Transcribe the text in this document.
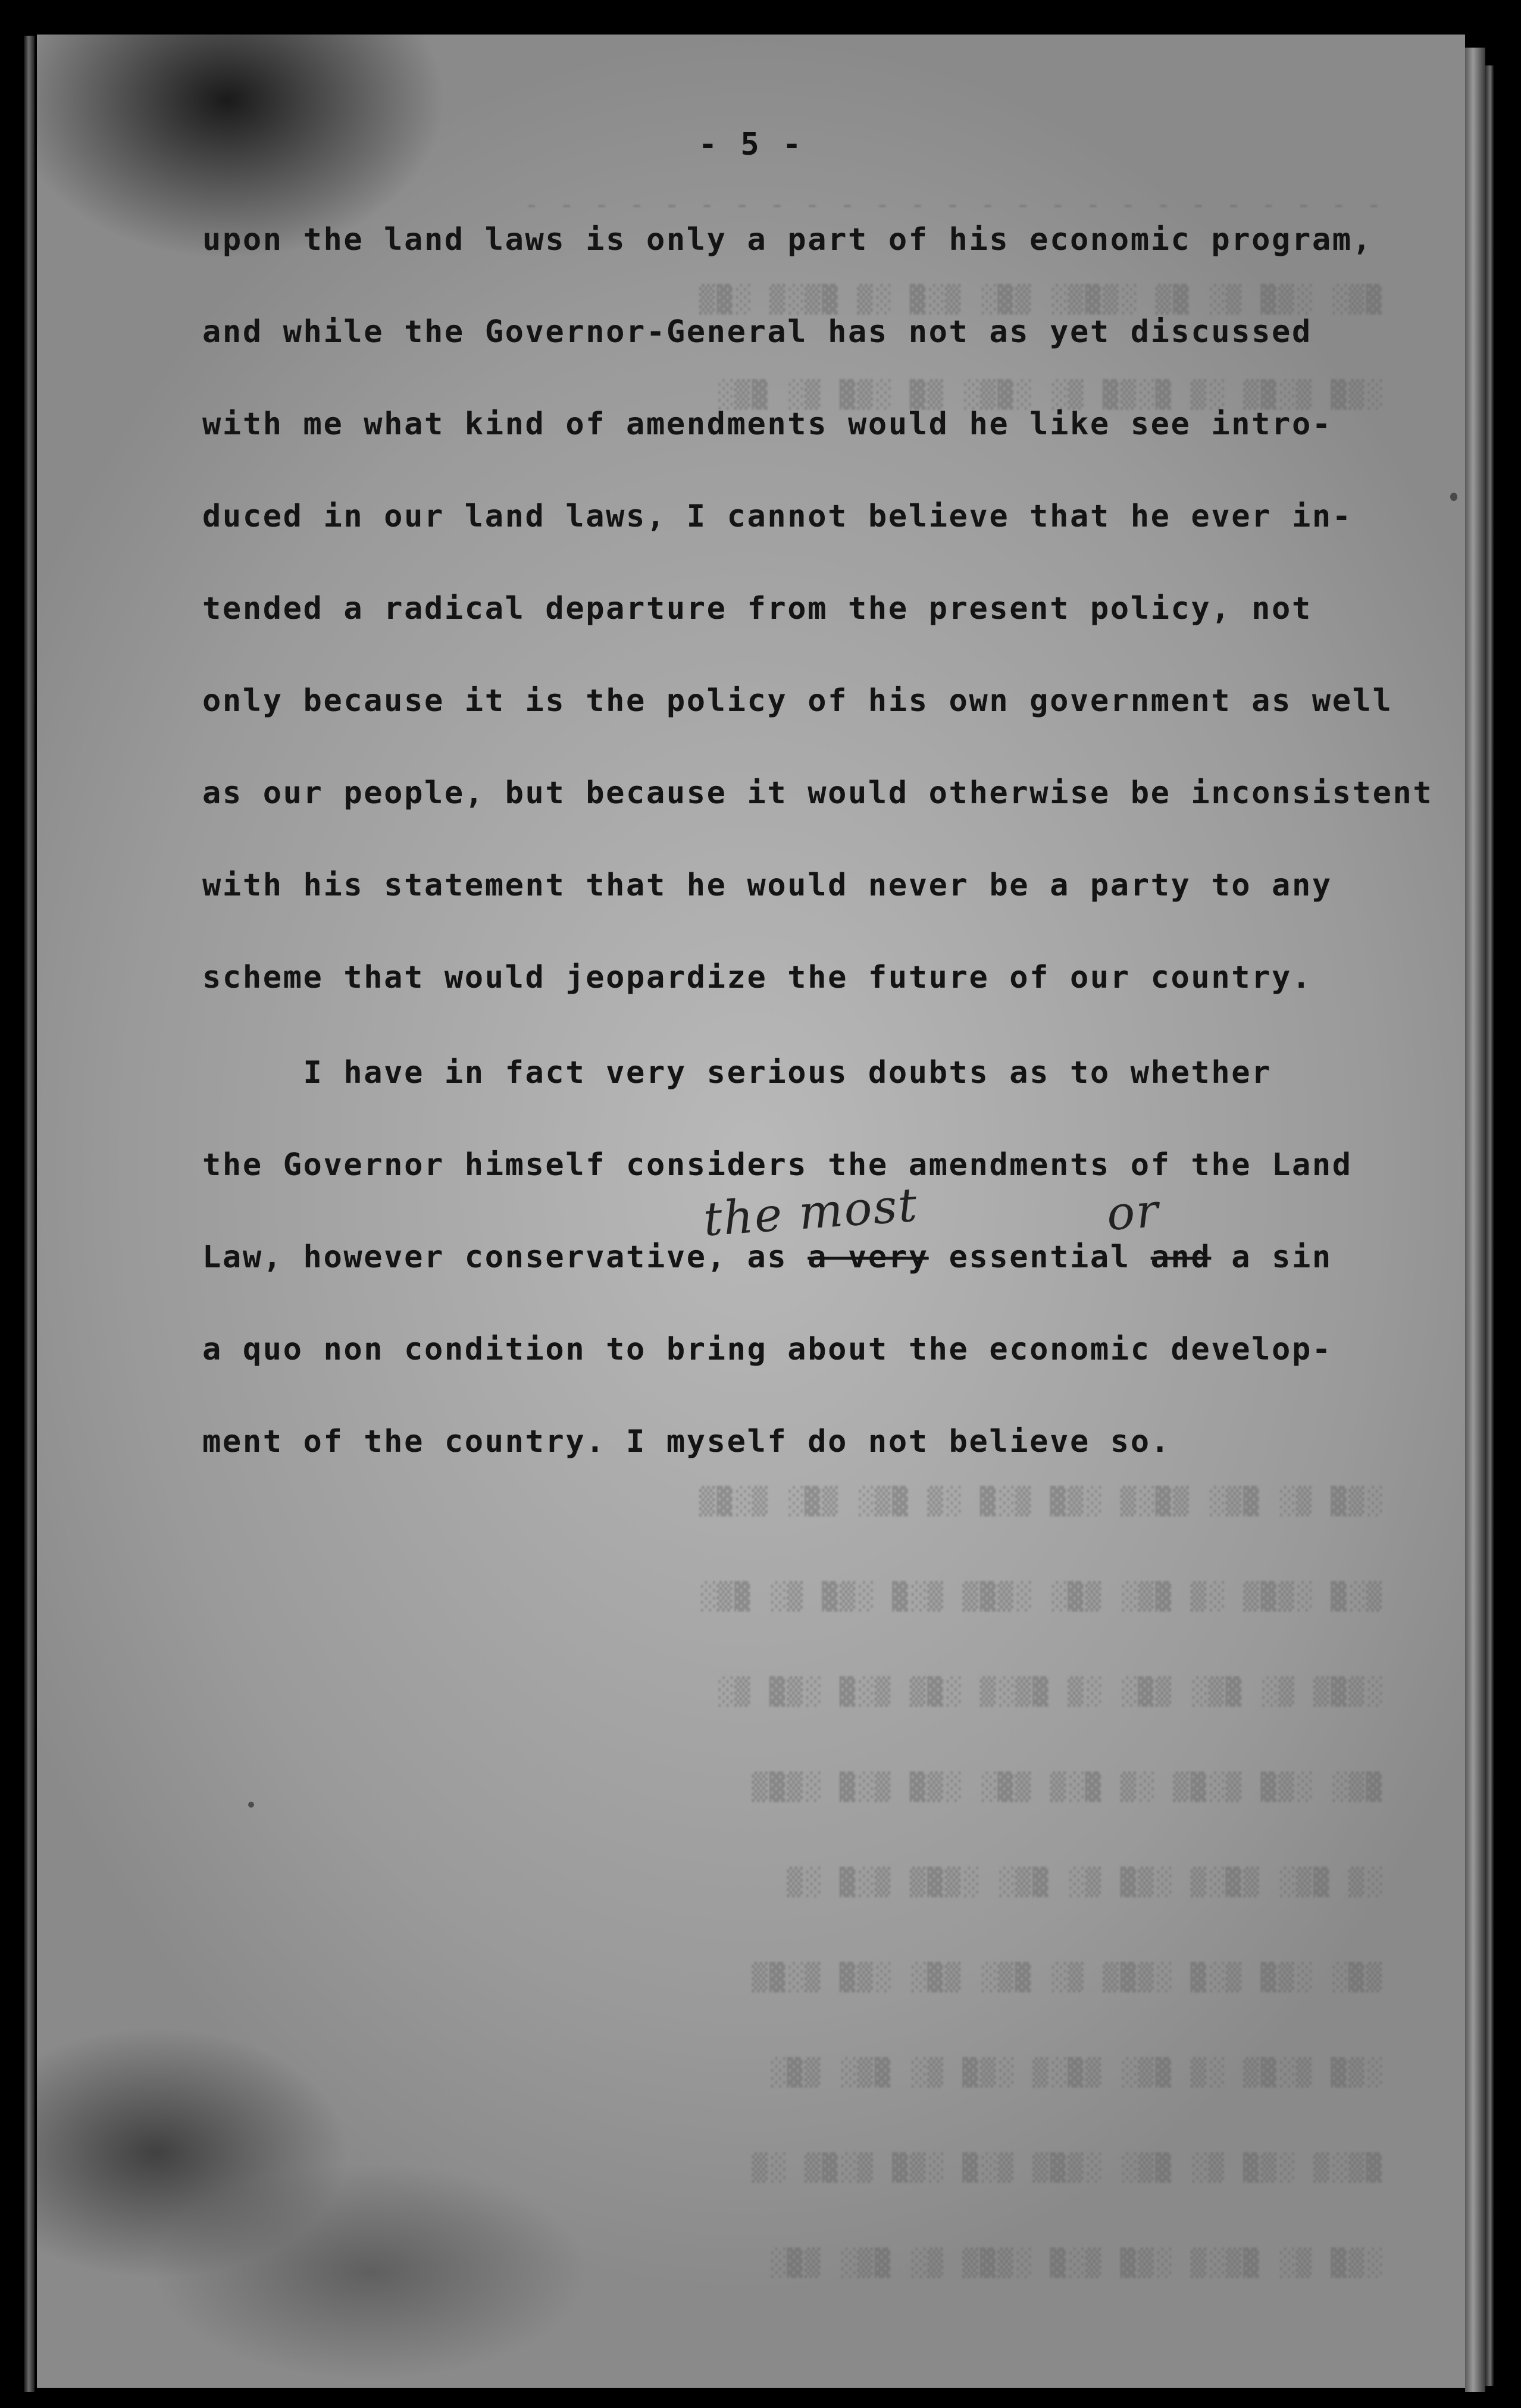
- - - - - - - - - - - - - - - - - - - - - - - - -
▓▒░ ░▒▓ ▒░ ▓▒ ░▒▓▒░ ▒▓░ ▒░▓ ░▒ ▓▒░▒ ░▓▒
░▒▓ ▒░▓▒ ░▒ ▓░▒▓ ▒░ ░▓▒░ ▒▓ ░▒▓ ▒░ ▓▒░
░▒▓ ▒░ ▓▒░ ▒▓░▒ ░▒▓ ▒░▓ ░▒ ▓▒░ ▒▓░ ▒░▓▒
▒░▓ ░▒▓▒ ░▒ ▓▒░ ▒▓░ ░▒▓▒ ▒░▓ ░▒▓ ▒░ ▓▒░
░▒▓▒ ▒░ ▓▒░ ▒▓░ ░▒ ▓▒░▒ ░▓▒ ▒░▓ ░▒▓ ▒░
▓▒░ ░▒▓ ▒░▓▒ ░▒ ▓░▒ ▒▓░ ░▒▓ ▒░▓ ░▒▓▒
░▒ ▓▒░ ▒▓░▒ ░▒▓ ▒░ ▓▒░ ░▒▓▒ ▒░▓ ░▒
▒▓░ ░▒▓ ▒░▓ ░▒▓▒ ▒░ ▓▒░ ▒▓░ ░▒▓ ▒░▓▒
░▒▓ ▒░▓▒ ░▒ ▓▒░ ▒▓░▒ ░▒▓ ▒░ ▓▒░ ▒▓░
▓▒░▒ ░▒▓ ▒░ ▓▒░ ░▒▓▒ ▒░▓ ░▒▓ ▒░▓▒ ░▒
░▒▓ ▒░ ▓▒░▒ ░▒▓ ▒░▓ ░▒▓▒ ▒░ ▓▒░ ▒▓░
- 5 -
upon the land laws is only a part of his economic program,
and while the Governor-General has not as yet discussed
with me what kind of amendments would he like see intro-
duced in our land laws, I cannot believe that he ever in-
tended a radical departure from the present policy, not
only because it is the policy of his own government as well
as our people, but because it would otherwise be inconsistent
with his statement that he would never be a party to any
scheme that would jeopardize the future of our country.
I have in fact very serious doubts as to whether
the Governor himself considers the amendments of the Land
Law, however conservative, as a very essential and a sin
a quo non condition to bring about the economic develop-
ment of the country. I myself do not believe so.
the most	or
